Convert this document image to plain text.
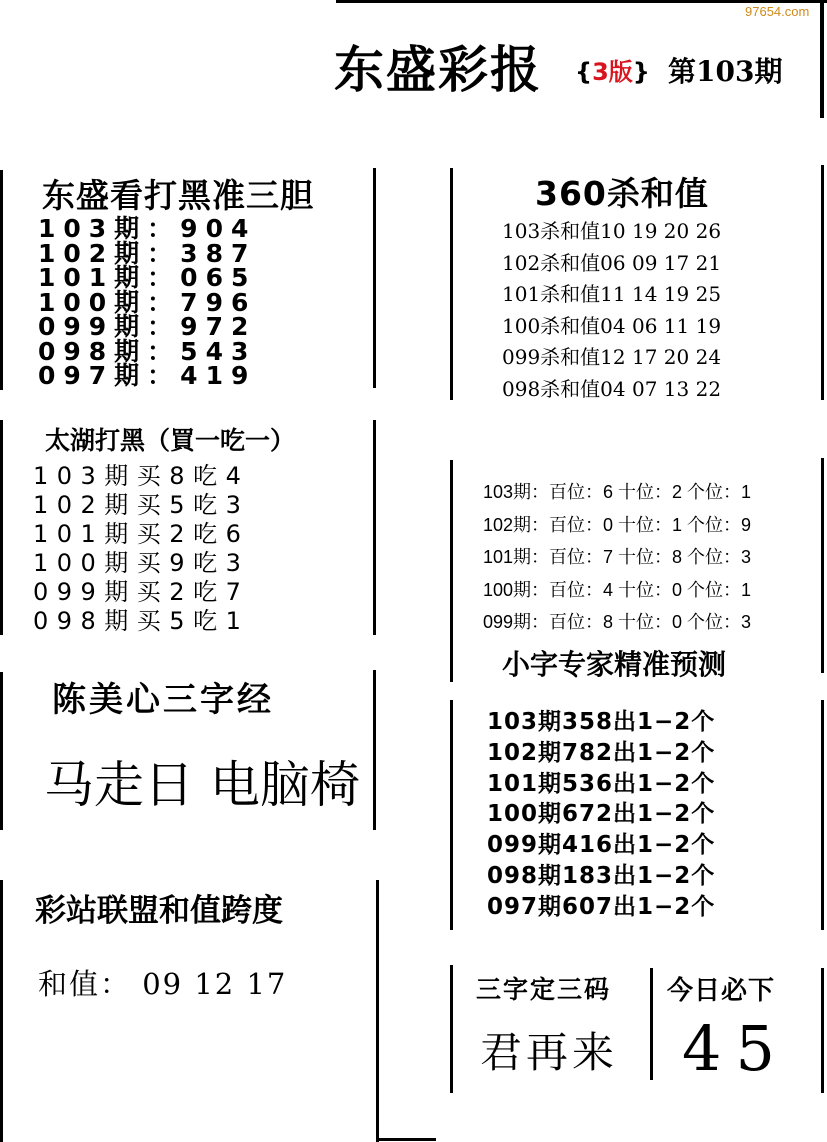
97654.com
东盛彩报 {3版} 第103期
东盛看打黑准三胆
103期：904
102期：387
101期：065
100期：796
099期：972
098期：543
097期：419
360杀和值
103杀和值10 19 20 26
102杀和值06 09 17 21
101杀和值11 14 19 25
100杀和值04 06 11 19
099杀和值12 17 20 24
098杀和值04 07 13 22
太湖打黑（買一吃一）
103期买8吃4
102期买5吃3
101期买2吃6
100期买9吃3
099期买2吃7
098期买5吃1
103期：百位：6 十位：2 个位：1
102期：百位：0 十位：1 个位：9
101期：百位：7 十位：8 个位：3
100期：百位：4 十位：0 个位：1
099期：百位：8 十位：0 个位：3
小字专家精准预测
103期358出1−2个
102期782出1−2个
101期536出1−2个
100期672出1−2个
099期416出1−2个
098期183出1−2个
097期607出1−2个
陈美心三字经
马走日 电脑椅
彩站联盟和值跨度
和值： 09 12 17	三字定三码
君再来
今日必下
45
